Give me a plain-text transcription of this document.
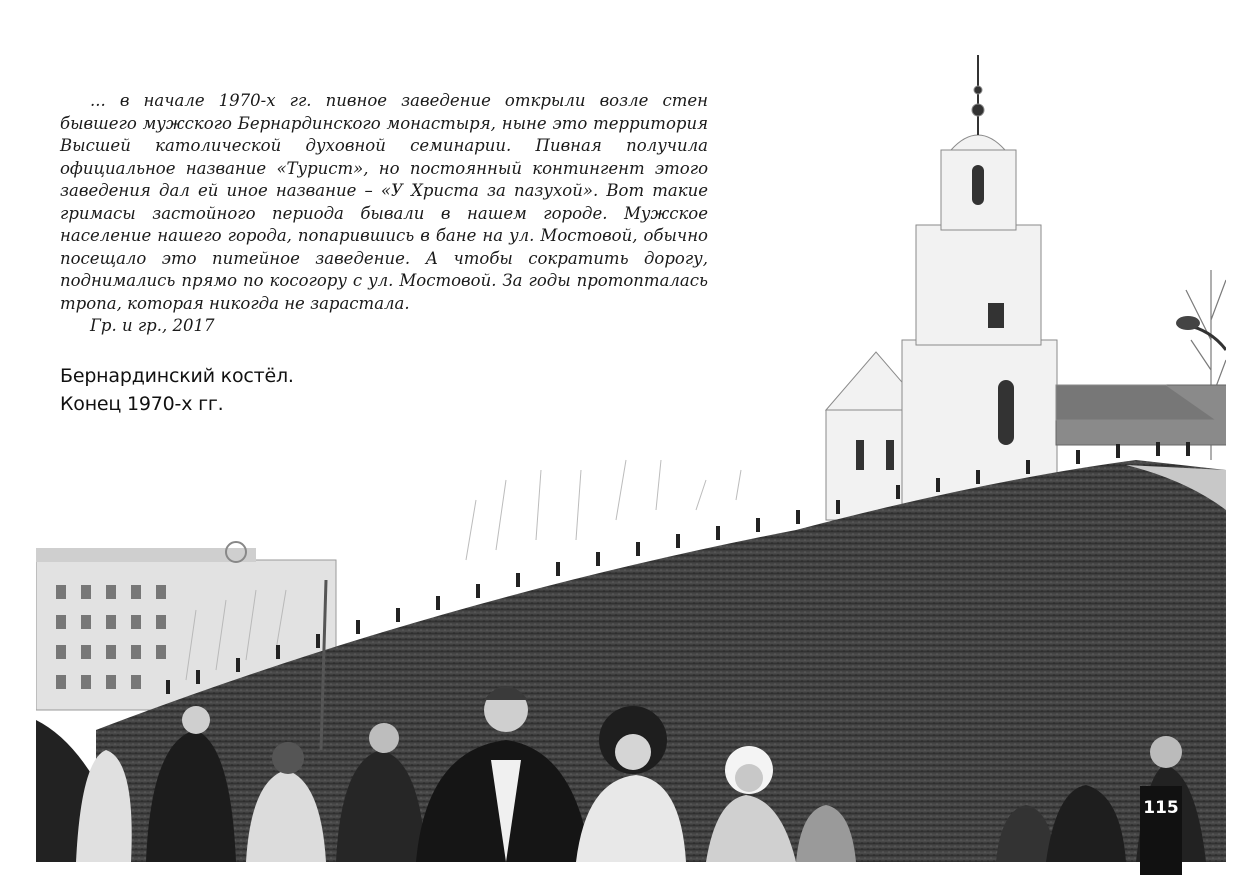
... в начале 1970-х гг. пивное заведение открыли возле стен бывшего мужского Бернардинского монастыря, ныне это территория Высшей католической духовной семинарии. Пивная получила официальное название «Турист», но постоянный контингент этого заведения дал ей иное название – «У Христа за пазухой». Вот такие гримасы застойного периода бывали в нашем городе. Мужское население нашего города, попарившись в бане на ул. Мостовой, обычно посещало это питейное заведение. А чтобы сократить дорогу, поднимались прямо по косогору с ул. Мостовой. За годы протопталась тропа, которая никогда не зарастала.

Гр. и гр., 2017

Бернардинский костёл.
Конец 1970-х гг.
115
